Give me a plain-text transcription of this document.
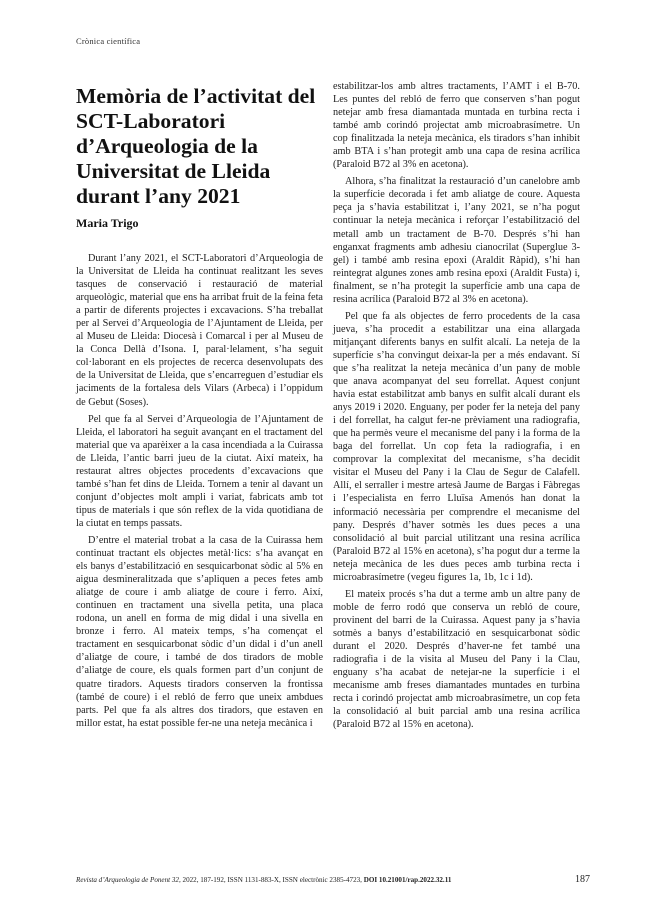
Crònica científica
Memòria de l’activitat del SCT-Laboratori d’Arqueologia de la Universitat de Lleida durant l’any 2021
Maria Trigo

Durant l’any 2021, el SCT-Laboratori d’Arqueologia de la Universitat de Lleida ha continuat realitzant les seves tasques de conservació i restauració de material arqueològic, material que ens ha arribat fruit de la feina feta a partir de diferents projectes i excavacions. S’ha treballat per al Servei d’Arqueologia de l’Ajuntament de Lleida, per al Museu de Lleida: Diocesà i Comarcal i per al Museu de la Conca Dellà d’Isona. I, paral·lelament, s’ha seguit col·laborant en els projectes de recerca desenvolupats des de la Universitat de Lleida, que s’encarreguen d’estudiar els jaciments de la fortalesa dels Vilars (Arbeca) i l’oppidum de Gebut (Soses).

Pel que fa al Servei d’Arqueologia de l’Ajuntament de Lleida, el laboratori ha seguit avançant en el tractament del material que va aparèixer a la casa incendiada a la Cuirassa de Lleida, l’antic barri jueu de la ciutat. Així mateix, ha restaurat altres objectes procedents d’excavacions que també s’han fet dins de Lleida. Tornem a tenir al davant un conjunt d’objectes molt ampli i variat, fabricats amb tot tipus de materials i que són reflex de la vida quotidiana de la ciutat en temps passats.

D’entre el material trobat a la casa de la Cuirassa hem continuat tractant els objectes metàl·lics: s’ha avançat en els banys d’estabilització en sesquicarbonat sòdic al 5% en aigua desmineralitzada que s’apliquen a peces fetes amb aliatge de coure i amb aliatge de coure i ferro. Així, continuen en tractament una sivella petita, una placa rodona, un anell en forma de mig didal i una sivella en bronze i ferro. Al mateix temps, s’ha començat el tractament en sesquicarbonat sòdic d’un didal i d’un anell d’aliatge de coure, i també de dos tiradors de moble d’aliatge de coure, els quals formen part d’un conjunt de quatre tiradors. Aquests tiradors conserven la frontissa (també de coure) i el rebló de ferro que uneix ambdues parts. Pel que fa als altres dos tiradors, que estaven en millor estat, ha estat possible fer-ne una neteja mecànica i

estabilitzar-los amb altres tractaments, l’AMT i el B-70. Les puntes del rebló de ferro que conserven s’han pogut netejar amb fresa diamantada muntada en turbina recta i també amb corindó projectat amb microabrasímetre. Un cop finalitzada la neteja mecànica, els tiradors s’han inhibit amb BTA i s’han protegit amb una capa de resina acrílica (Paraloid B72 al 3% en acetona).

Alhora, s’ha finalitzat la restauració d’un canelobre amb la superfície decorada i fet amb aliatge de coure. Aquesta peça ja s’havia estabilitzat i, l’any 2021, se n’ha pogut continuar la neteja mecànica i reforçar l’estabilització del metall amb un tractament de B-70. Després s’hi han enganxat fragments amb adhesiu cianocrilat (Superglue 3-gel) i també amb resina epoxi (Araldit Ràpid), s’hi han reintegrat algunes zones amb resina epoxi (Araldit Fusta) i, finalment, se n’ha protegit la superfície amb una capa de resina acrílica (Paraloid B72 al 3% en acetona).

Pel que fa als objectes de ferro procedents de la casa jueva, s’ha procedit a estabilitzar una eina allargada mitjançant diferents banys en sulfit alcalí. La neteja de la superfície s’ha convingut deixar-la per a més endavant. Sí que s’ha realitzat la neteja mecànica d’un pany de moble que anava acompanyat del seu forrellat. Aquest conjunt havia estat estabilitzat amb banys en sulfit alcalí durant els anys 2019 i 2020. Enguany, per poder fer la neteja del pany i del forrellat, ha calgut fer-ne prèviament una radiografia, que ha permès veure el mecanisme del pany i la forma de la baga del forrellat. Un cop feta la radiografia, i en comprovar la complexitat del mecanisme, s’ha decidit visitar el Museu del Pany i la Clau de Segur de Calafell. Allí, el serraller i mestre artesà Jaume de Bargas i Fàbregas i l’especialista en ferro Lluïsa Amenós han donat la informació necessària per comprendre el mecanisme del pany. Després d’haver sotmès les dues peces a una consolidació al buit parcial utilitzant una resina acrílica (Paraloid B72 al 15% en acetona), s’ha pogut dur a terme la neteja mecànica de les dues peces amb turbina recta i microabrasímetre (vegeu figures 1a, 1b, 1c i 1d).

El mateix procés s’ha dut a terme amb un altre pany de moble de ferro rodó que conserva un rebló de coure, provinent del barri de la Cuirassa. Aquest pany ja s’havia sotmès a banys d’estabilització en sesquicarbonat sòdic durant el 2020. Després d’haver-ne fet també una radiografia i de la visita al Museu del Pany i la Clau, enguany s’ha acabat de netejar-ne la superfície i el mecanisme amb freses diamantades muntades en turbina recta i corindó projectat amb microabrasímetre, un cop feta la consolidació al buit parcial amb una resina acrílica (Paraloid B72 al 15% en acetona).

Revista d’Arqueologia de Ponent 32, 2022, 187-192, ISSN 1131-883-X, ISSN electrònic 2385-4723, DOI 10.21001/rap.2022.32.11	187
